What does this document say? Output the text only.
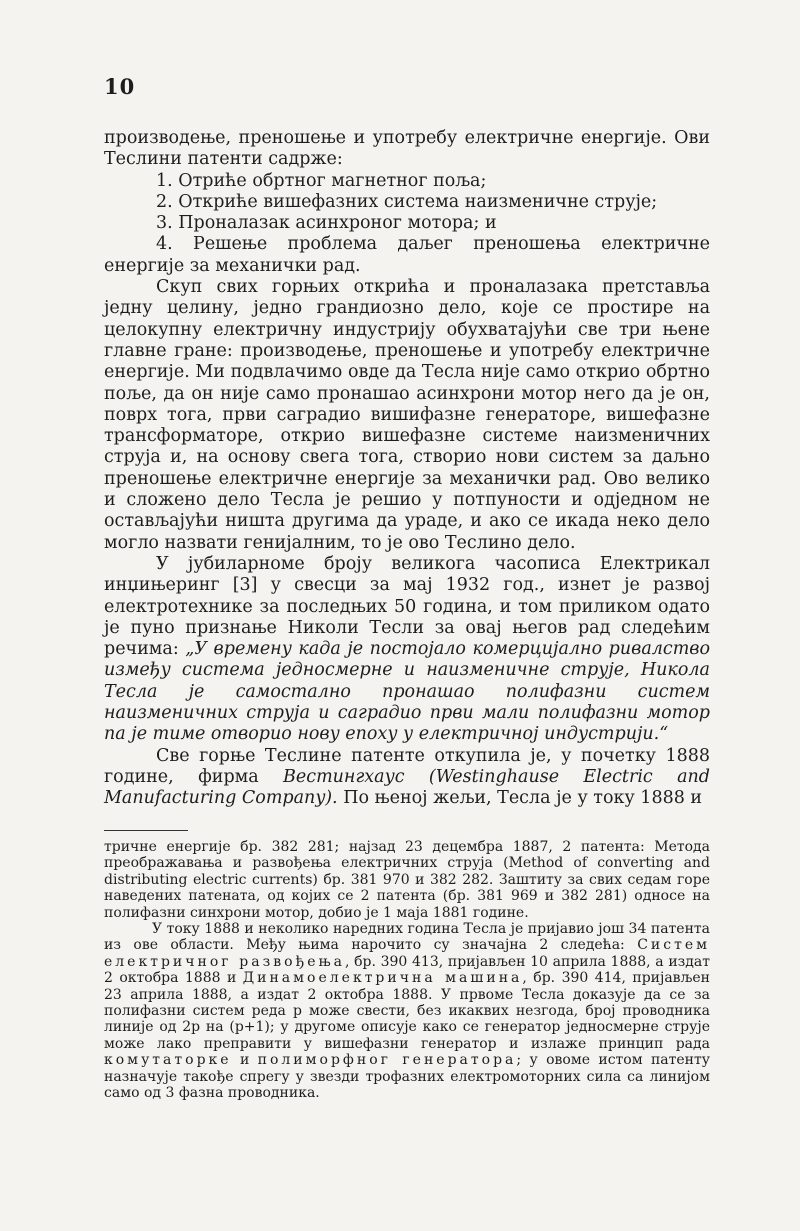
10

производење, преношење и употребу електричне енергије. Ови Теслини патенти садрже:

1. Отриће обртног магнетног поља;

2. Откриће вишефазних система наизменичне струје;

3. Проналазак асинхроног мотора; и

4. Решење проблема даљег преношења електричне енергије за механички рад.

Скуп свих горњих открића и проналазака претставља једну целину, једно грандиозно дело, које се простире на целокупну електричну индустрију обухватајући све три њене главне гране: производење, преношење и употребу електричне енергије. Ми подвлачимо овде да Тесла није само открио обртно поље, да он није само пронашао асинхрони мотор него да је он, поврх тога, први саградио вишифазне генераторе, вишефазне трансформаторе, открио вишефазне системе наизменичних струја и, на основу свега тога, створио нови систем за даљно преношење електричне енергије за механички рад. Ово велико и сложено дело Тесла је решио у потпуности и одједном не остављајући ништа другима да ураде, и ако се икада неко дело могло назвати генијалним, то је ово Теслино дело.

У јубиларноме броју великога часописа Електрикал инџињеринг [3] у свесци за мај 1932 год., изнет је развој електротехнике за последњих 50 година, и том приликом одато је пуно признање Николи Тесли за овај његов рад следећим речима: „У времену када је постојало комерцијално ривалство између система једносмерне и наизменичне струје, Никола Тесла је самостално пронашао полифазни систем наизменичних струја и саградио први мали полифазни мотор па је тиме отворио нову епоху у електричној индустрији.“

Све горње Теслине патенте откупила је, у почетку 1888 године, фирма Вестингхаус (Westinghause Electric and Manufacturing Company). По њеној жељи, Тесла је у току 1888 и

тричне енергије бр. 382 281; најзад 23 децембра 1887, 2 патента: Метода преображавања и развођења електричних струја (Method of converting and distributing electric currents) бр. 381 970 и 382 282. Заштиту за свих седам горе наведених патената, од којих се 2 патента (бр. 381 969 и 382 281) односе на полифазни синхрони мотор, добио је 1 маја 1881 године.

У току 1888 и неколико наредних година Тесла је пријавио још 34 патента из ове области. Међу њима нарочито су значајна 2 следећа: Систем електричног развођења, бр. 390 413, пријављен 10 априла 1888, а издат 2 октобра 1888 и Динамоелектрична машина, бр. 390 414, пријављен 23 априла 1888, а издат 2 октобра 1888. У првоме Тесла доказује да се за полифазни систем реда p може свести, без икаквих незгода, број проводника линије од 2p на (p+1); у другоме описује како се генератор једносмерне струје може лако преправити у вишефазни генератор и излаже принцип рада комутаторке и полиморфног генератора; у овоме истом патенту назначује такође спрегу у звезди трофазних електромоторних сила са линијом само од 3 фазна проводника.
